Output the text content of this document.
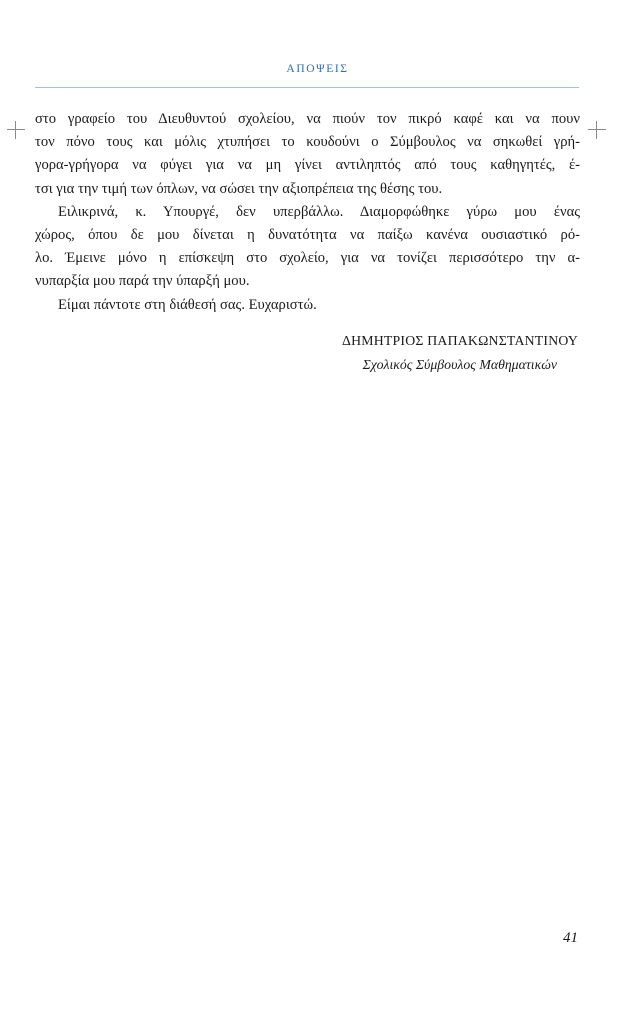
ΑΠΟΨΕΙΣ
στο γραφείο του Διευθυντού σχολείου, να πιούν τον πικρό καφέ και να πουν
τον πόνο τους και μόλις χτυπήσει το κουδούνι ο Σύμβουλος να σηκωθεί γρή-
γορα-γρήγορα να φύγει για να μη γίνει αντιληπτός από τους καθηγητές, έ-
τσι για την τιμή των όπλων, να σώσει την αξιοπρέπεια της θέσης του.
Ειλικρινά, κ. Υπουργέ, δεν υπερβάλλω. Διαμορφώθηκε γύρω μου ένας
χώρος, όπου δε μου δίνεται η δυνατότητα να παίξω κανένα ουσιαστικό ρό-
λο. Έμεινε μόνο η επίσκεψη στο σχολείο, για να τονίζει περισσότερο την α-
νυπαρξία μου παρά την ύπαρξή μου.
Είμαι πάντοτε στη διάθεσή σας. Ευχαριστώ.
ΔΗΜΗΤΡΙΟΣ ΠΑΠΑΚΩΝΣΤΑΝΤΙΝΟΥ
Σχολικός Σύμβουλος Μαθηματικών
41
